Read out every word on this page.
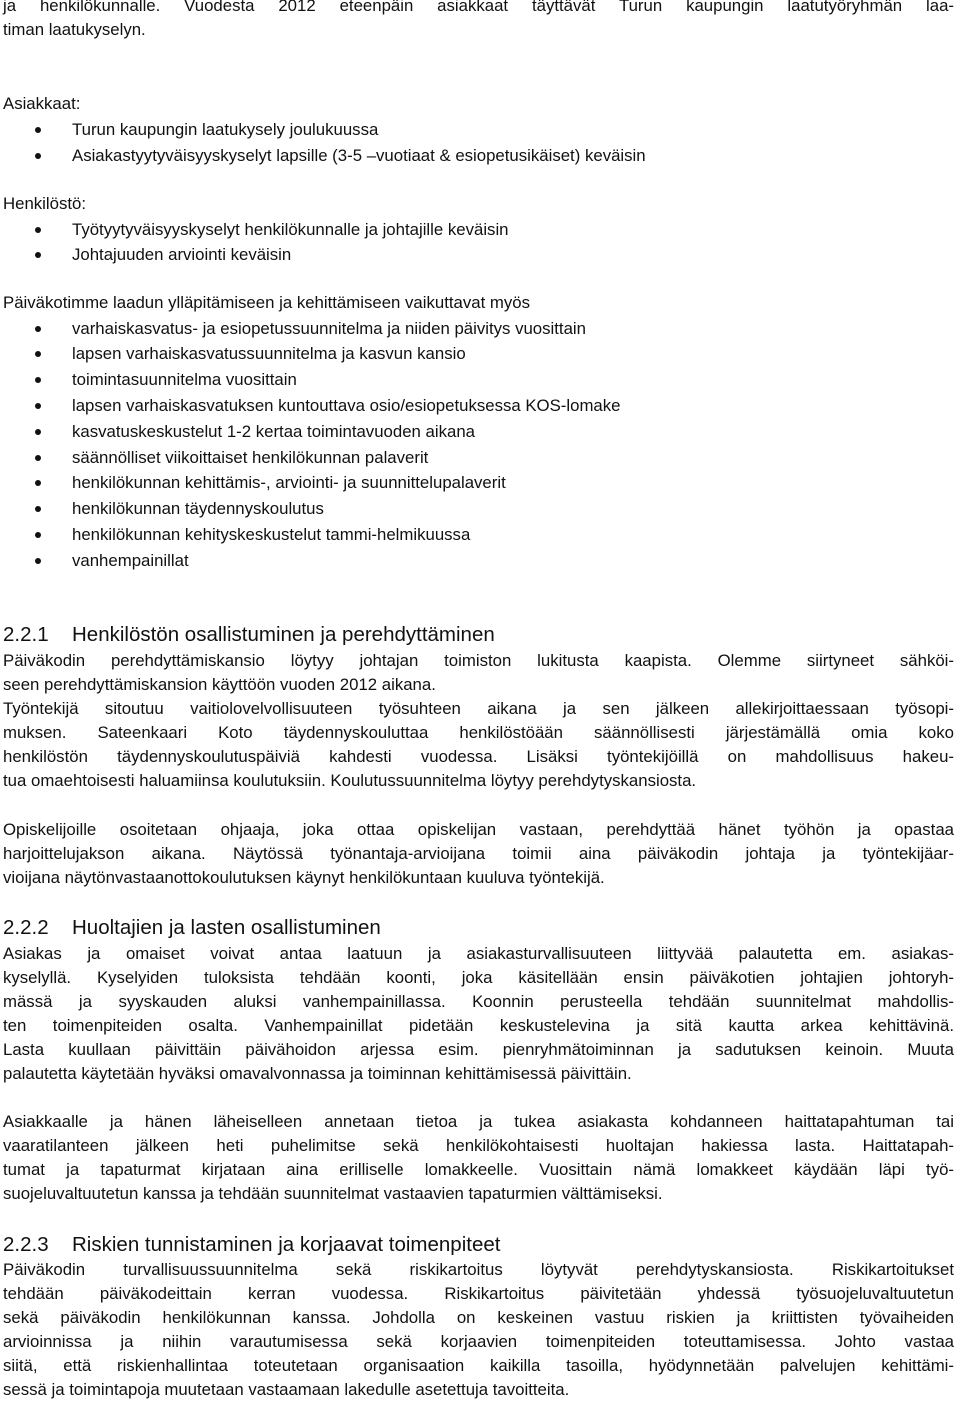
ja henkilökunnalle. Vuodesta 2012 eteenpäin asiakkaat täyttävät Turun kaupungin laatutyöryhmän laa-
timan laatukyselyn.
Asiakkaat:
Turun kaupungin laatukysely joulukuussa
Asiakastyytyväisyyskyselyt lapsille (3-5 –vuotiaat & esiopetusikäiset) keväisin
Henkilöstö:
Työtyytyväisyyskyselyt henkilökunnalle ja johtajille keväisin
Johtajuuden arviointi keväisin
Päiväkotimme laadun ylläpitämiseen ja kehittämiseen vaikuttavat myös
varhaiskasvatus- ja esiopetussuunnitelma ja niiden päivitys vuosittain
lapsen varhaiskasvatussuunnitelma ja kasvun kansio
toimintasuunnitelma vuosittain
lapsen varhaiskasvatuksen kuntouttava osio/esiopetuksessa KOS-lomake
kasvatuskeskustelut 1-2 kertaa toimintavuoden aikana
säännölliset viikoittaiset henkilökunnan palaverit
henkilökunnan kehittämis-, arviointi- ja suunnittelupalaverit
henkilökunnan täydennyskoulutus
henkilökunnan kehityskeskustelut tammi-helmikuussa
vanhempainillat
2.2.1 Henkilöstön osallistuminen ja perehdyttäminen
Päiväkodin perehdyttämiskansio löytyy johtajan toimiston lukitusta kaapista. Olemme siirtyneet sähköi-
seen perehdyttämiskansion käyttöön vuoden 2012 aikana.
Työntekijä sitoutuu vaitiolovelvollisuuteen työsuhteen aikana ja sen jälkeen allekirjoittaessaan työsopi-
muksen. Sateenkaari Koto täydennyskouluttaa henkilöstöään säännöllisesti järjestämällä omia koko
henkilöstön täydennyskoulutuspäiviä kahdesti vuodessa. Lisäksi työntekijöillä on mahdollisuus hakeu-
tua omaehtoisesti haluamiinsa koulutuksiin. Koulutussuunnitelma löytyy perehdytyskansiosta.
Opiskelijoille osoitetaan ohjaaja, joka ottaa opiskelijan vastaan, perehdyttää hänet työhön ja opastaa
harjoittelujakson aikana. Näytössä työnantaja-arvioijana toimii aina päiväkodin johtaja ja työntekijäar-
vioijana näytönvastaanottokoulutuksen käynyt henkilökuntaan kuuluva työntekijä.
2.2.2 Huoltajien ja lasten osallistuminen
Asiakas ja omaiset voivat antaa laatuun ja asiakasturvallisuuteen liittyvää palautetta em. asiakas-
kyselyllä. Kyselyiden tuloksista tehdään koonti, joka käsitellään ensin päiväkotien johtajien johtoryh-
mässä ja syyskauden aluksi vanhempainillassa. Koonnin perusteella tehdään suunnitelmat mahdollis-
ten toimenpiteiden osalta. Vanhempainillat pidetään keskustelevina ja sitä kautta arkea kehittävinä.
Lasta kuullaan päivittäin päivähoidon arjessa esim. pienryhmätoiminnan ja sadutuksen keinoin. Muuta
palautetta käytetään hyväksi omavalvonnassa ja toiminnan kehittämisessä päivittäin.
Asiakkaalle ja hänen läheiselleen annetaan tietoa ja tukea asiakasta kohdanneen haittatapahtuman tai
vaaratilanteen jälkeen heti puhelimitse sekä henkilökohtaisesti huoltajan hakiessa lasta. Haittatapah-
tumat ja tapaturmat kirjataan aina erilliselle lomakkeelle. Vuosittain nämä lomakkeet käydään läpi työ-
suojeluvaltuutetun kanssa ja tehdään suunnitelmat vastaavien tapaturmien välttämiseksi.
2.2.3 Riskien tunnistaminen ja korjaavat toimenpiteet
Päiväkodin turvallisuussuunnitelma sekä riskikartoitus löytyvät perehdytyskansiosta. Riskikartoitukset
tehdään päiväkodeittain kerran vuodessa. Riskikartoitus päivitetään yhdessä työsuojeluvaltuutetun
sekä päiväkodin henkilökunnan kanssa. Johdolla on keskeinen vastuu riskien ja kriittisten työvaiheiden
arvioinnissa ja niihin varautumisessa sekä korjaavien toimenpiteiden toteuttamisessa. Johto vastaa
siitä, että riskienhallintaa toteutetaan organisaation kaikilla tasoilla, hyödynnetään palvelujen kehittämi-
sessä ja toimintapoja muutetaan vastaamaan lakedulle asetettuja tavoitteita.
